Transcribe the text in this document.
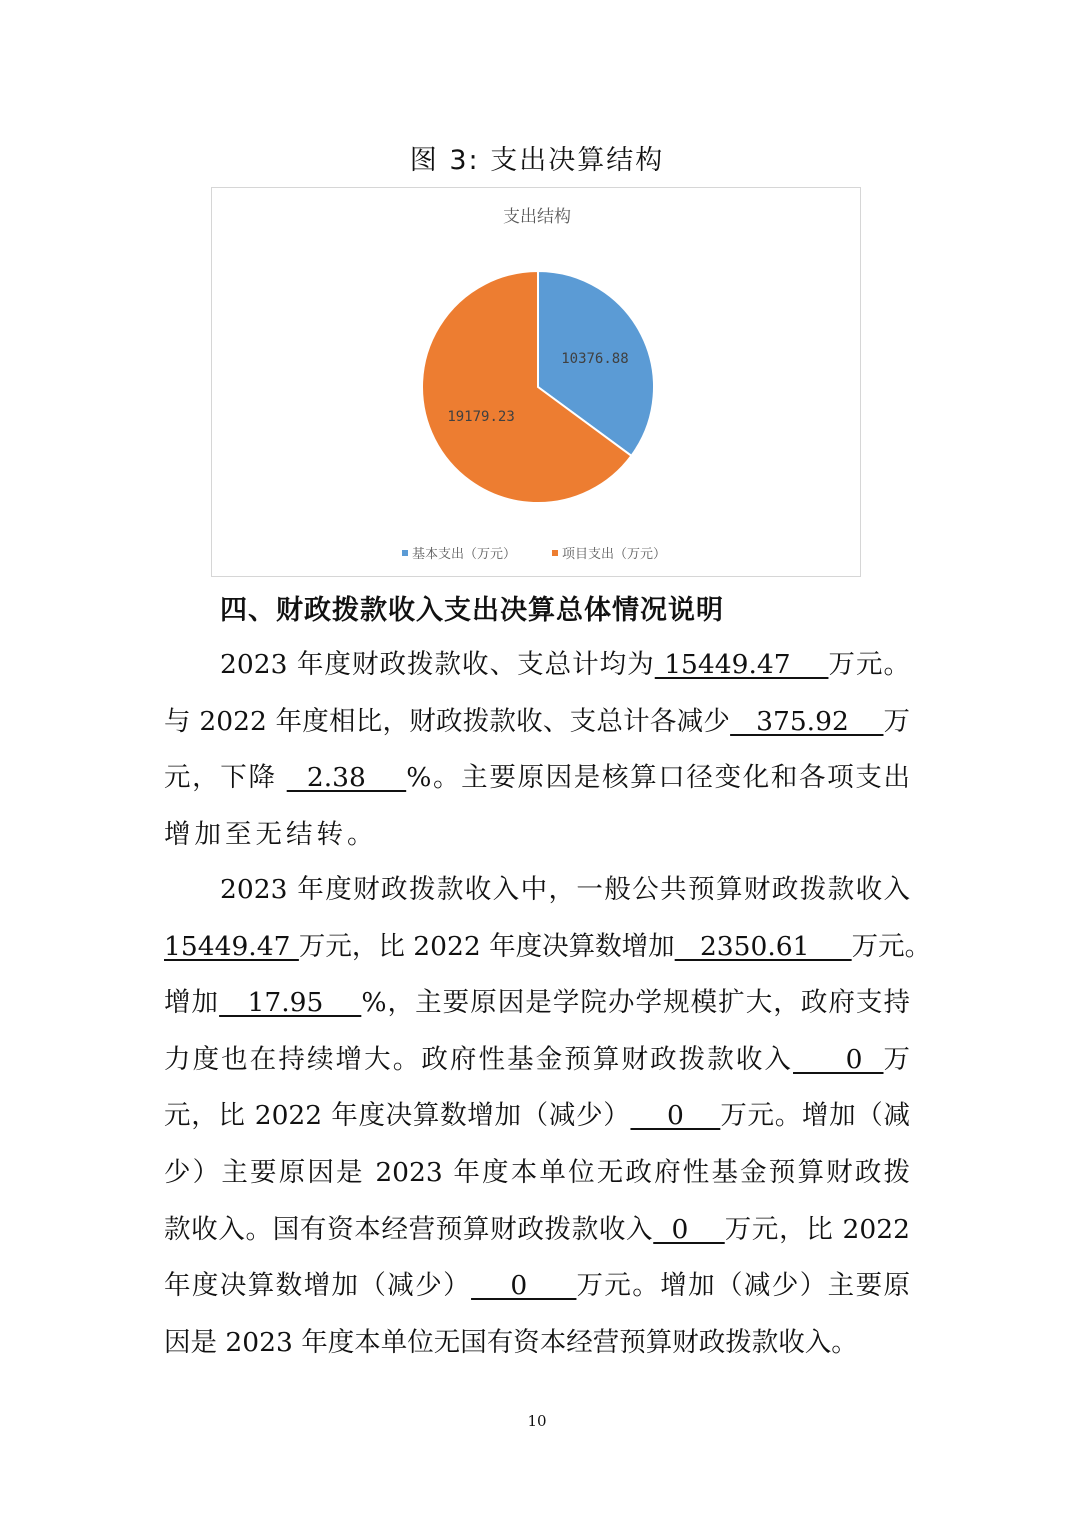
图 3: 支出决算结构
支出结构
10376.88
19179.23
基本支出（万元）	项目支出（万元）
四、财政拨款收入支出决算总体情况说明
2023 年度财政拨款收、支总计均为 15449.47    万元。
与 2022 年度相比，财政拨款收、支总计各减少   375.92    万
元，下降   2.38    %。主要原因是核算口径变化和各项支出
增加至无结转。
2023 年度财政拨款收入中，一般公共预算财政拨款收入
15449.47 万元，比 2022 年度决算数增加   2350.61     万元。
增加   17.95    %，主要原因是学院办学规模扩大，政府支持
力度也在持续增大。政府性基金预算财政拨款收入     0  万
元，比 2022 年度决算数增加（减少）    0    万元。增加（减
少）主要原因是 2023 年度本单位无政府性基金预算财政拨
款收入。国有资本经营预算财政拨款收入  0    万元，比 2022
年度决算数增加（减少）    0     万元。增加（减少）主要原
因是 2023 年度本单位无国有资本经营预算财政拨款收入。
10
